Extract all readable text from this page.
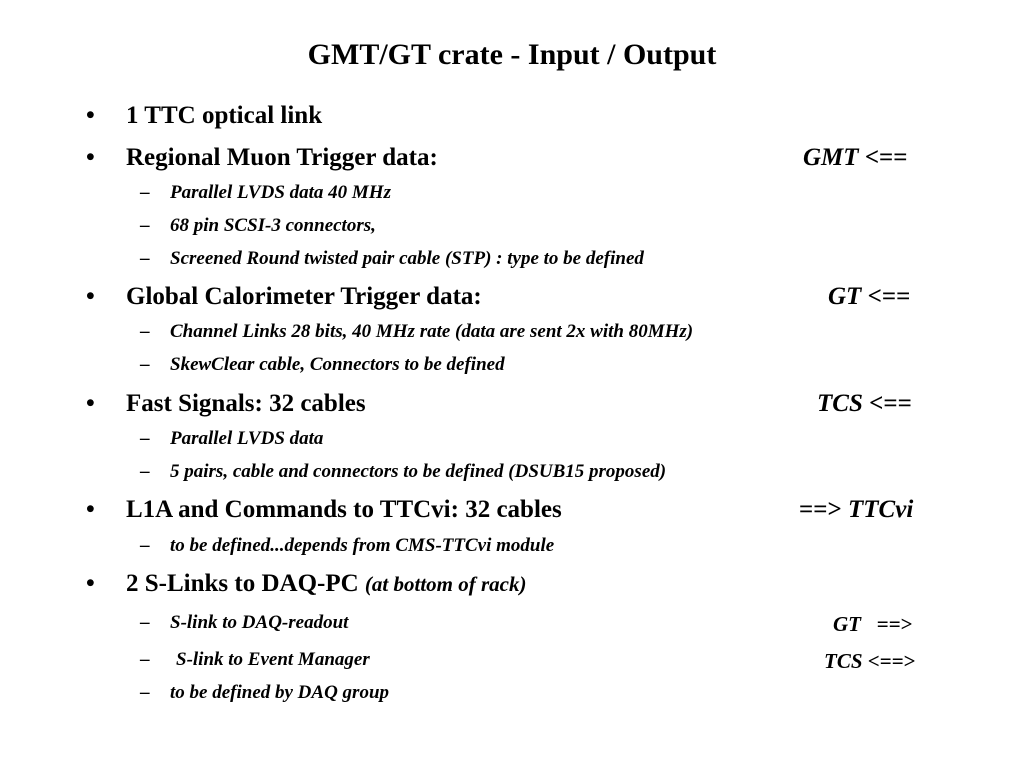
GMT/GT crate - Input / Output
• 1 TTC optical link
• Regional Muon Trigger data:	GMT <==
– Parallel LVDS data 40 MHz
– 68 pin SCSI-3 connectors,
– Screened Round twisted pair cable (STP) : type to be defined
• Global Calorimeter Trigger data:	GT <==
– Channel Links 28 bits, 40 MHz rate (data are sent 2x with 80MHz)
– SkewClear cable, Connectors to be defined
• Fast Signals: 32 cables	TCS <==
– Parallel LVDS data
– 5 pairs, cable and connectors to be defined (DSUB15 proposed)
• L1A and Commands to TTCvi: 32 cables	==> TTCvi
– to be defined...depends from CMS-TTCvi module
• 2 S-Links to DAQ-PC (at bottom of rack)
– S-link to DAQ-readout	GT ==>
– S-link to Event Manager	TCS <==>
– to be defined by DAQ group
